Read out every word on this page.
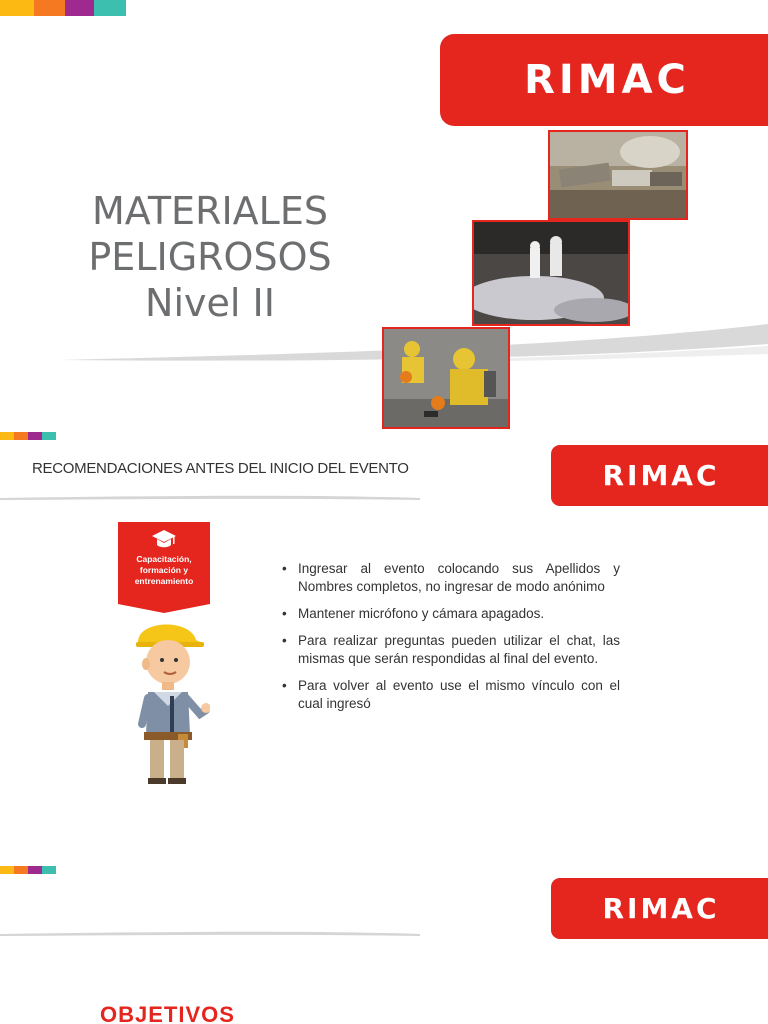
RIMAC
MATERIALES
PELIGROSOS
Nivel II
RECOMENDACIONES ANTES DEL INICIO DEL EVENTO	RIMAC
Capacitación, formación y entrenamiento
• Ingresar al evento colocando sus Apellidos y Nombres completos, no ingresar de modo anónimo
• Mantener micrófono y cámara apagados.
• Para realizar preguntas pueden utilizar el chat, las mismas que serán respondidas al final del evento.
• Para volver al evento use el mismo vínculo con el cual ingresó
RIMAC
OBJETIVOS
